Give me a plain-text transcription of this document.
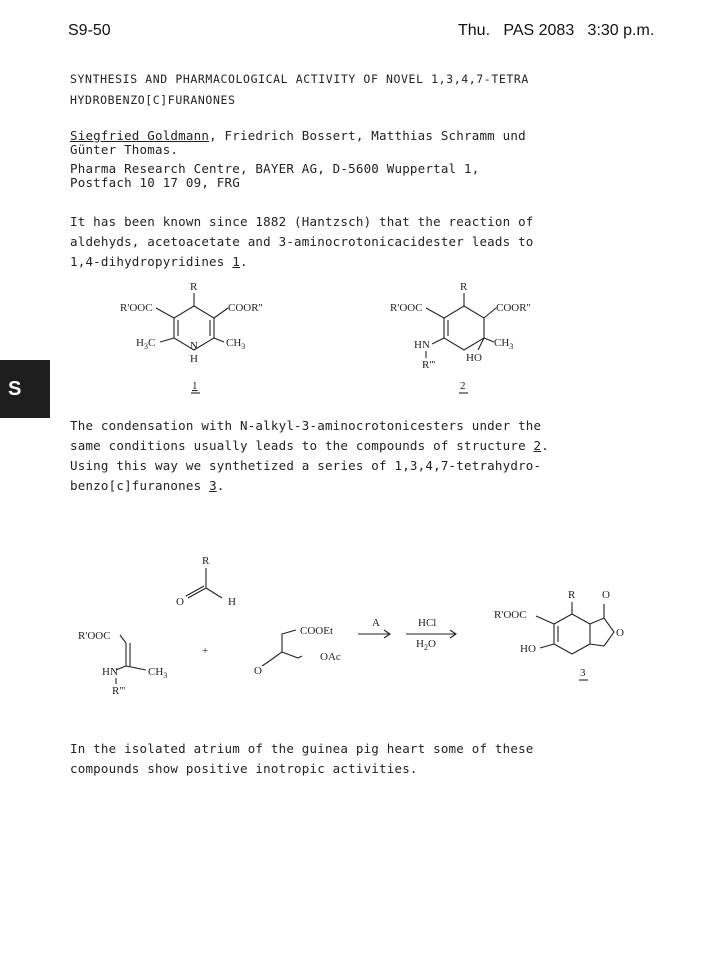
S9-50	Thu.   PAS 2083   3:30 p.m.
S
SYNTHESIS AND PHARMACOLOGICAL ACTIVITY OF NOVEL 1,3,4,7-TETRA
HYDROBENZO[C]FURANONES
Siegfried Goldmann, Friedrich Bossert, Matthias Schramm und
Günter Thomas.
Pharma Research Centre, BAYER AG, D-5600 Wuppertal 1,
Postfach 10 17 09, FRG
It has been known since 1882 (Hantzsch) that the reaction of
aldehyds, acetoacetate and 3-aminocrotonicacidester leads to
1,4-dihydropyridines 1.
R
R'OOC	COOR''
$H_3C$	$CH_3$
N
H
1
R
R'OOC	COOR''
HN
R'''
$CH_3$
HO
2
The condensation with N-alkyl-3-aminocrotonicesters under the
same conditions usually leads to the compounds of structure 2.
Using this way we synthetized a series of 1,3,4,7-tetrahydro-
benzo[c]furanones 3.
R
O	H
R'OOC
HN	$CH_3$
R'''
+
COOEt
OAc
O
A	HCl
$H_2O$
R'OOC
R O
O
HO
3
In the isolated atrium of the guinea pig heart some of these
compounds show positive inotropic activities.
